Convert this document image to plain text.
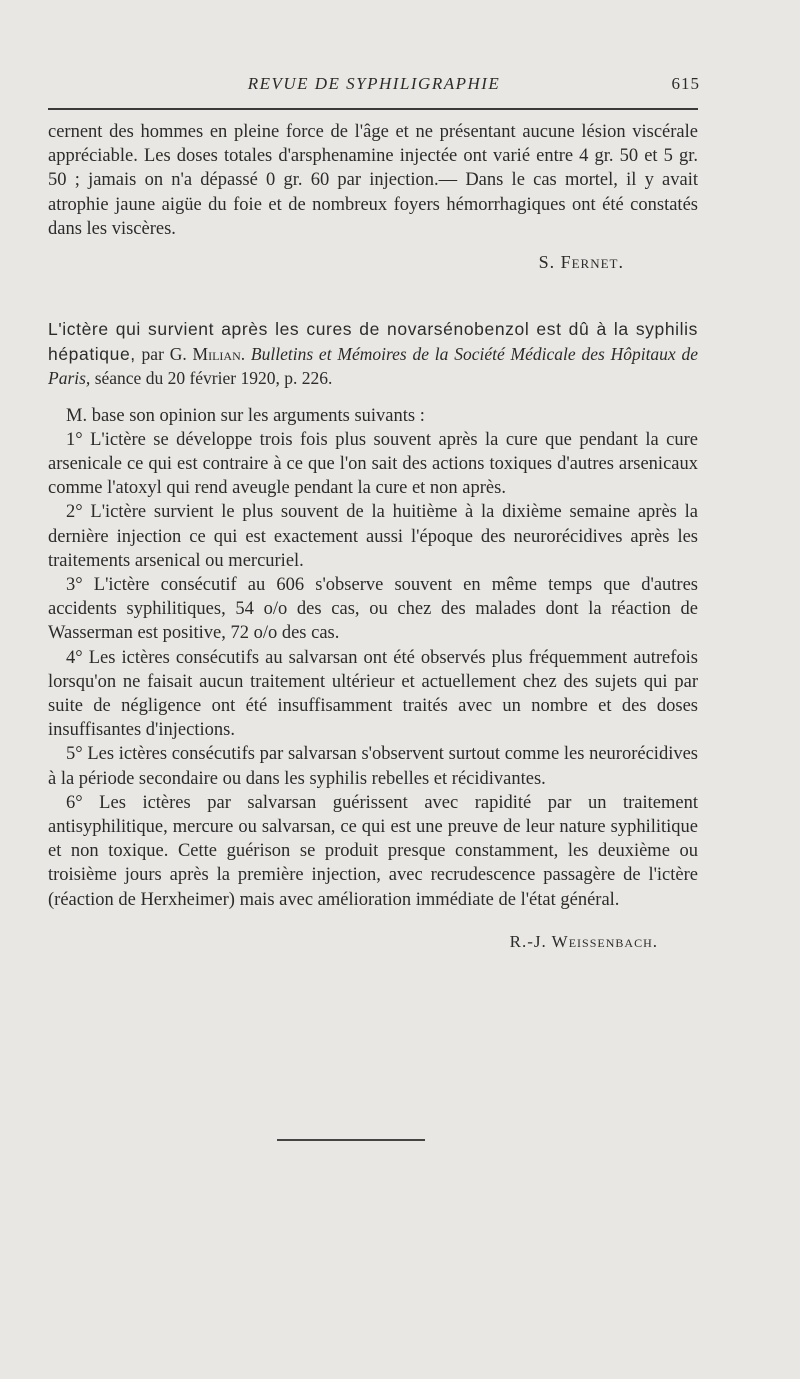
REVUE DE SYPHILIGRAPHIE	615

cernent des hommes en pleine force de l'âge et ne présentant aucune lésion viscérale appréciable. Les doses totales d'arsphenamine injectée ont varié entre 4 gr. 50 et 5 gr. 50 ; jamais on n'a dépassé 0 gr. 60 par injection.— Dans le cas mortel, il y avait atrophie jaune aigüe du foie et de nombreux foyers hémorrhagiques ont été constatés dans les viscères.

S. Fernet.

L'ictère qui survient après les cures de novarsénobenzol est dû à la syphilis hépatique, par G. Milian. Bulletins et Mémoires de la Société Médicale des Hôpitaux de Paris, séance du 20 février 1920, p. 226.

M. base son opinion sur les arguments suivants :

1° L'ictère se développe trois fois plus souvent après la cure que pendant la cure arsenicale ce qui est contraire à ce que l'on sait des actions toxiques d'autres arsenicaux comme l'atoxyl qui rend aveugle pendant la cure et non après.

2° L'ictère survient le plus souvent de la huitième à la dixième semaine après la dernière injection ce qui est exactement aussi l'époque des neurorécidives après les traitements arsenical ou mercuriel.

3° L'ictère consécutif au 606 s'observe souvent en même temps que d'autres accidents syphilitiques, 54 o/o des cas, ou chez des malades dont la réaction de Wasserman est positive, 72 o/o des cas.

4° Les ictères consécutifs au salvarsan ont été observés plus fréquemment autrefois lorsqu'on ne faisait aucun traitement ultérieur et actuellement chez des sujets qui par suite de négligence ont été insuffisamment traités avec un nombre et des doses insuffisantes d'injections.

5° Les ictères consécutifs par salvarsan s'observent surtout comme les neurorécidives à la période secondaire ou dans les syphilis rebelles et récidivantes.

6° Les ictères par salvarsan guérissent avec rapidité par un traitement antisyphilitique, mercure ou salvarsan, ce qui est une preuve de leur nature syphilitique et non toxique. Cette guérison se produit presque constamment, les deuxième ou troisième jours après la première injection, avec recrudescence passagère de l'ictère (réaction de Herxheimer) mais avec amélioration immédiate de l'état général.

R.-J. Weissenbach.
